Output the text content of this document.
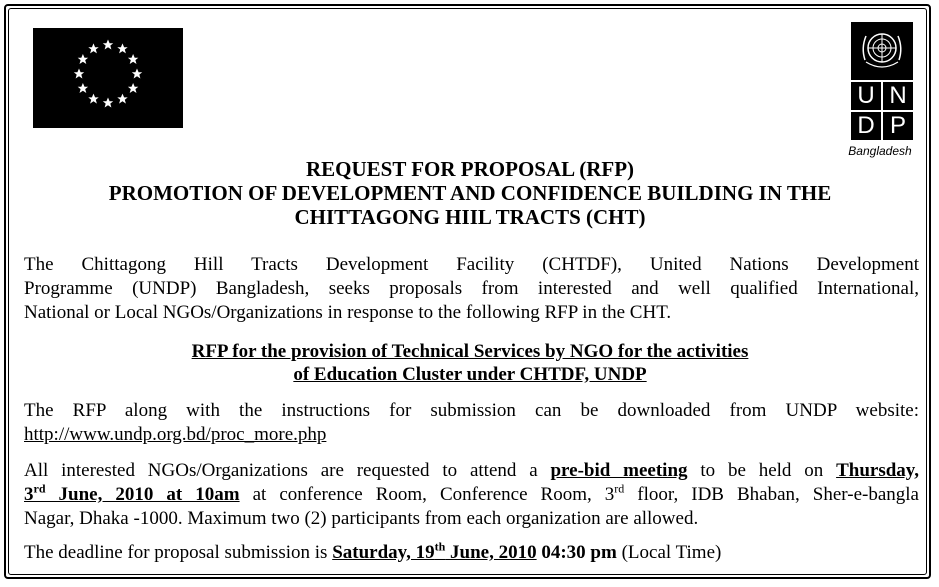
U N
D P
Bangladesh
REQUEST FOR PROPOSAL (RFP)
PROMOTION OF DEVELOPMENT AND CONFIDENCE BUILDING IN THE
CHITTAGONG HIIL TRACTS (CHT)
The Chittagong Hill Tracts Development Facility (CHTDF), United Nations Development
Programme (UNDP) Bangladesh, seeks proposals from interested and well qualified International,
National or Local NGOs/Organizations in response to the following RFP in the CHT.
RFP for the provision of Technical Services by NGO for the activities
of Education Cluster under CHTDF, UNDP
The RFP along with the instructions for submission can be downloaded from UNDP website:
http://www.undp.org.bd/proc_more.php
All interested NGOs/Organizations are requested to attend a pre-bid meeting to be held on Thursday,
3rd June, 2010 at 10am at conference Room, Conference Room, 3rd floor, IDB Bhaban, Sher-e-bangla
Nagar, Dhaka -1000. Maximum two (2) participants from each organization are allowed.
The deadline for proposal submission is Saturday, 19th June, 2010 04:30 pm (Local Time)
